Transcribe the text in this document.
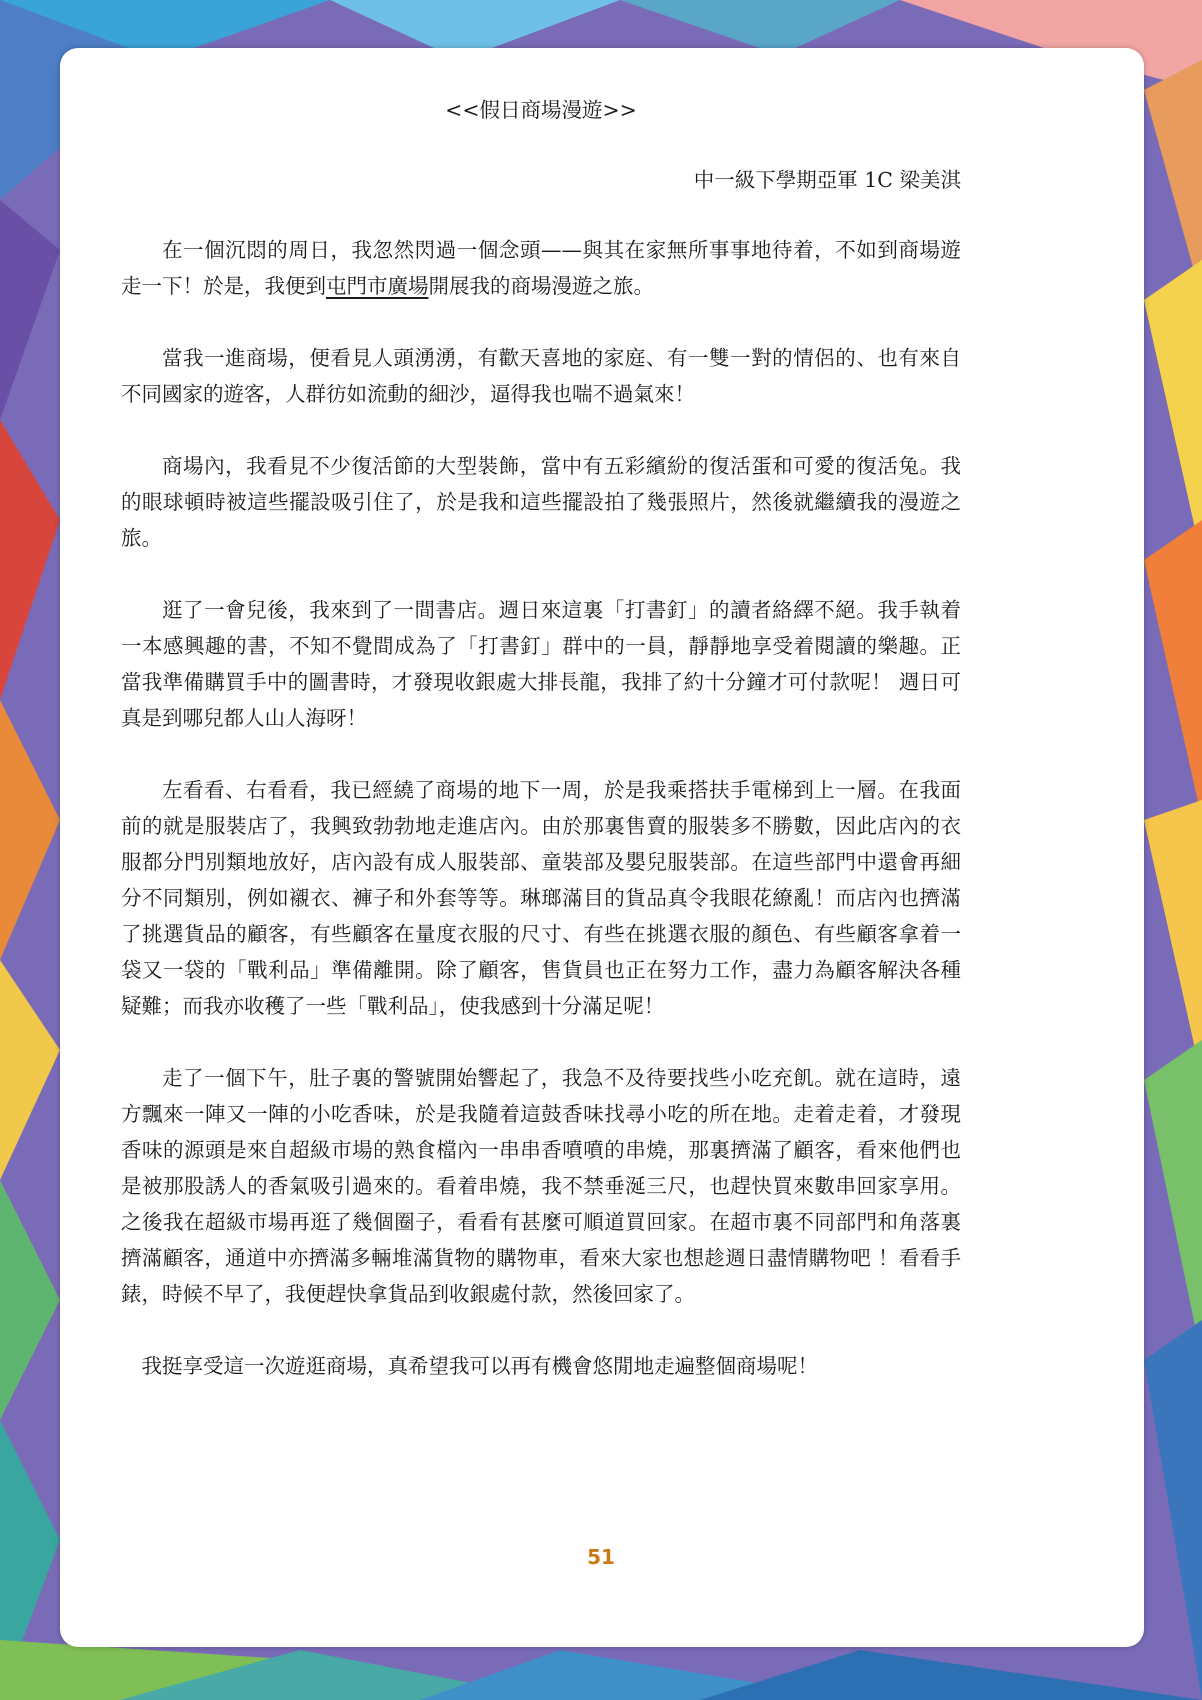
<<假日商場漫遊>>

中一級下學期亞軍 1C 梁美淇

在一個沉悶的周日，我忽然閃過一個念頭——與其在家無所事事地待着，不如到商場遊走一下！於是，我便到屯門市廣場開展我的商場漫遊之旅。

當我一進商場，便看見人頭湧湧，有歡天喜地的家庭、有一雙一對的情侶的、也有來自不同國家的遊客，人群彷如流動的細沙，逼得我也喘不過氣來！

商場內，我看見不少復活節的大型裝飾，當中有五彩繽紛的復活蛋和可愛的復活兔。我的眼球頓時被這些擺設吸引住了，於是我和這些擺設拍了幾張照片，然後就繼續我的漫遊之旅。

逛了一會兒後，我來到了一間書店。週日來這裏「打書釘」的讀者絡繹不絕。我手執着一本感興趣的書，不知不覺間成為了「打書釘」群中的一員，靜靜地享受着閱讀的樂趣。正當我準備購買手中的圖書時，才發現收銀處大排長龍，我排了約十分鐘才可付款呢！ 週日可真是到哪兒都人山人海呀！

左看看、右看看，我已經繞了商場的地下一周，於是我乘搭扶手電梯到上一層。在我面前的就是服裝店了，我興致勃勃地走進店內。由於那裏售賣的服裝多不勝數，因此店內的衣服都分門別類地放好，店內設有成人服裝部、童裝部及嬰兒服裝部。在這些部門中還會再細分不同類別，例如襯衣、褲子和外套等等。琳瑯滿目的貨品真令我眼花繚亂！而店內也擠滿了挑選貨品的顧客，有些顧客在量度衣服的尺寸、有些在挑選衣服的顏色、有些顧客拿着一袋又一袋的「戰利品」準備離開。除了顧客，售貨員也正在努力工作，盡力為顧客解決各種疑難；而我亦收穫了一些「戰利品」，使我感到十分滿足呢！

走了一個下午，肚子裏的警號開始響起了，我急不及待要找些小吃充飢。就在這時，遠方飄來一陣又一陣的小吃香味，於是我隨着這鼓香味找尋小吃的所在地。走着走着，才發現香味的源頭是來自超級市場的熟食檔內一串串香噴噴的串燒，那裏擠滿了顧客，看來他們也是被那股誘人的香氣吸引過來的。看着串燒，我不禁垂涎三尺，也趕快買來數串回家享用。之後我在超級市場再逛了幾個圈子，看看有甚麼可順道買回家。在超市裏不同部門和角落裏擠滿顧客，通道中亦擠滿多輛堆滿貨物的購物車，看來大家也想趁週日盡情購物吧 ！看看手錶，時候不早了，我便趕快拿貨品到收銀處付款，然後回家了。

我挺享受這一次遊逛商場，真希望我可以再有機會悠閒地走遍整個商場呢！

51
